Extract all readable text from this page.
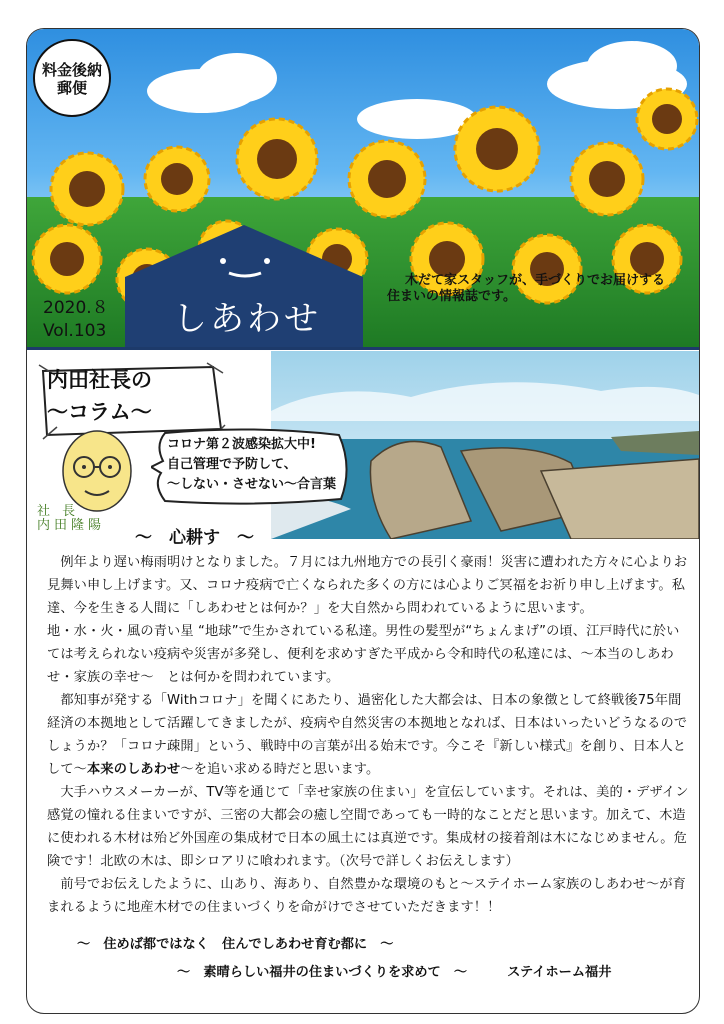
料金後納
郵便
2020.８
Vol.103 しあわせ
木だて家スタッフが、手づくりでお届けする
住まいの情報誌です。
内田社長の
～コラム～
社 長
内田隆陽
コロナ第２波感染拡大中!
自己管理で予防して、
～しない・させない～合言葉
～　心耕す　～

　例年より遅い梅雨明けとなりました。７月には九州地方での長引く豪雨！災害に遭われた方々に心よりお見舞い申し上げます。又、コロナ疫病で亡くなられた多くの方には心よりご冥福をお祈り申し上げます。私達、今を生きる人間に「しあわせとは何か？」を大自然から問われているように思います。

地・水・火・風の青い星 “地球”で生かされている私達。男性の髪型が“ちょんまげ”の頃、江戸時代に於いては考えられない疫病や災害が多発し、便利を求めすぎた平成から令和時代の私達には、～本当のしあわせ・家族の幸せ～　とは何かを問われています。

　都知事が発する「Withコロナ」を聞くにあたり、過密化した大都会は、日本の象徴として終戦後75年間経済の本拠地として活躍してきましたが、疫病や自然災害の本拠地となれば、日本はいったいどうなるのでしょうか？「コロナ疎開」という、戦時中の言葉が出る始末です。今こそ『新しい様式』を創り、日本人として～本来のしあわせ～を追い求める時だと思います。

　大手ハウスメーカーが、TV等を通じて「幸せ家族の住まい」を宣伝しています。それは、美的・デザイン感覚の憧れる住まいですが、三密の大都会の癒し空間であっても一時的なことだと思います。加えて、木造に使われる木材は殆ど外国産の集成材で日本の風土には真逆です。集成材の接着剤は木になじめません。危険です！北欧の木は、即シロアリに喰われます。（次号で詳しくお伝えします）

　前号でお伝えしたように、山あり、海あり、自然豊かな環境のもと～ステイホーム家族のしあわせ～が育まれるように地産木材での住まいづくりを命がけでさせていただきます！！

～　住めば都ではなく　住んでしあわせ育む都に　～
～　素晴らしい福井の住まいづくりを求めて　～	ステイホーム福井
